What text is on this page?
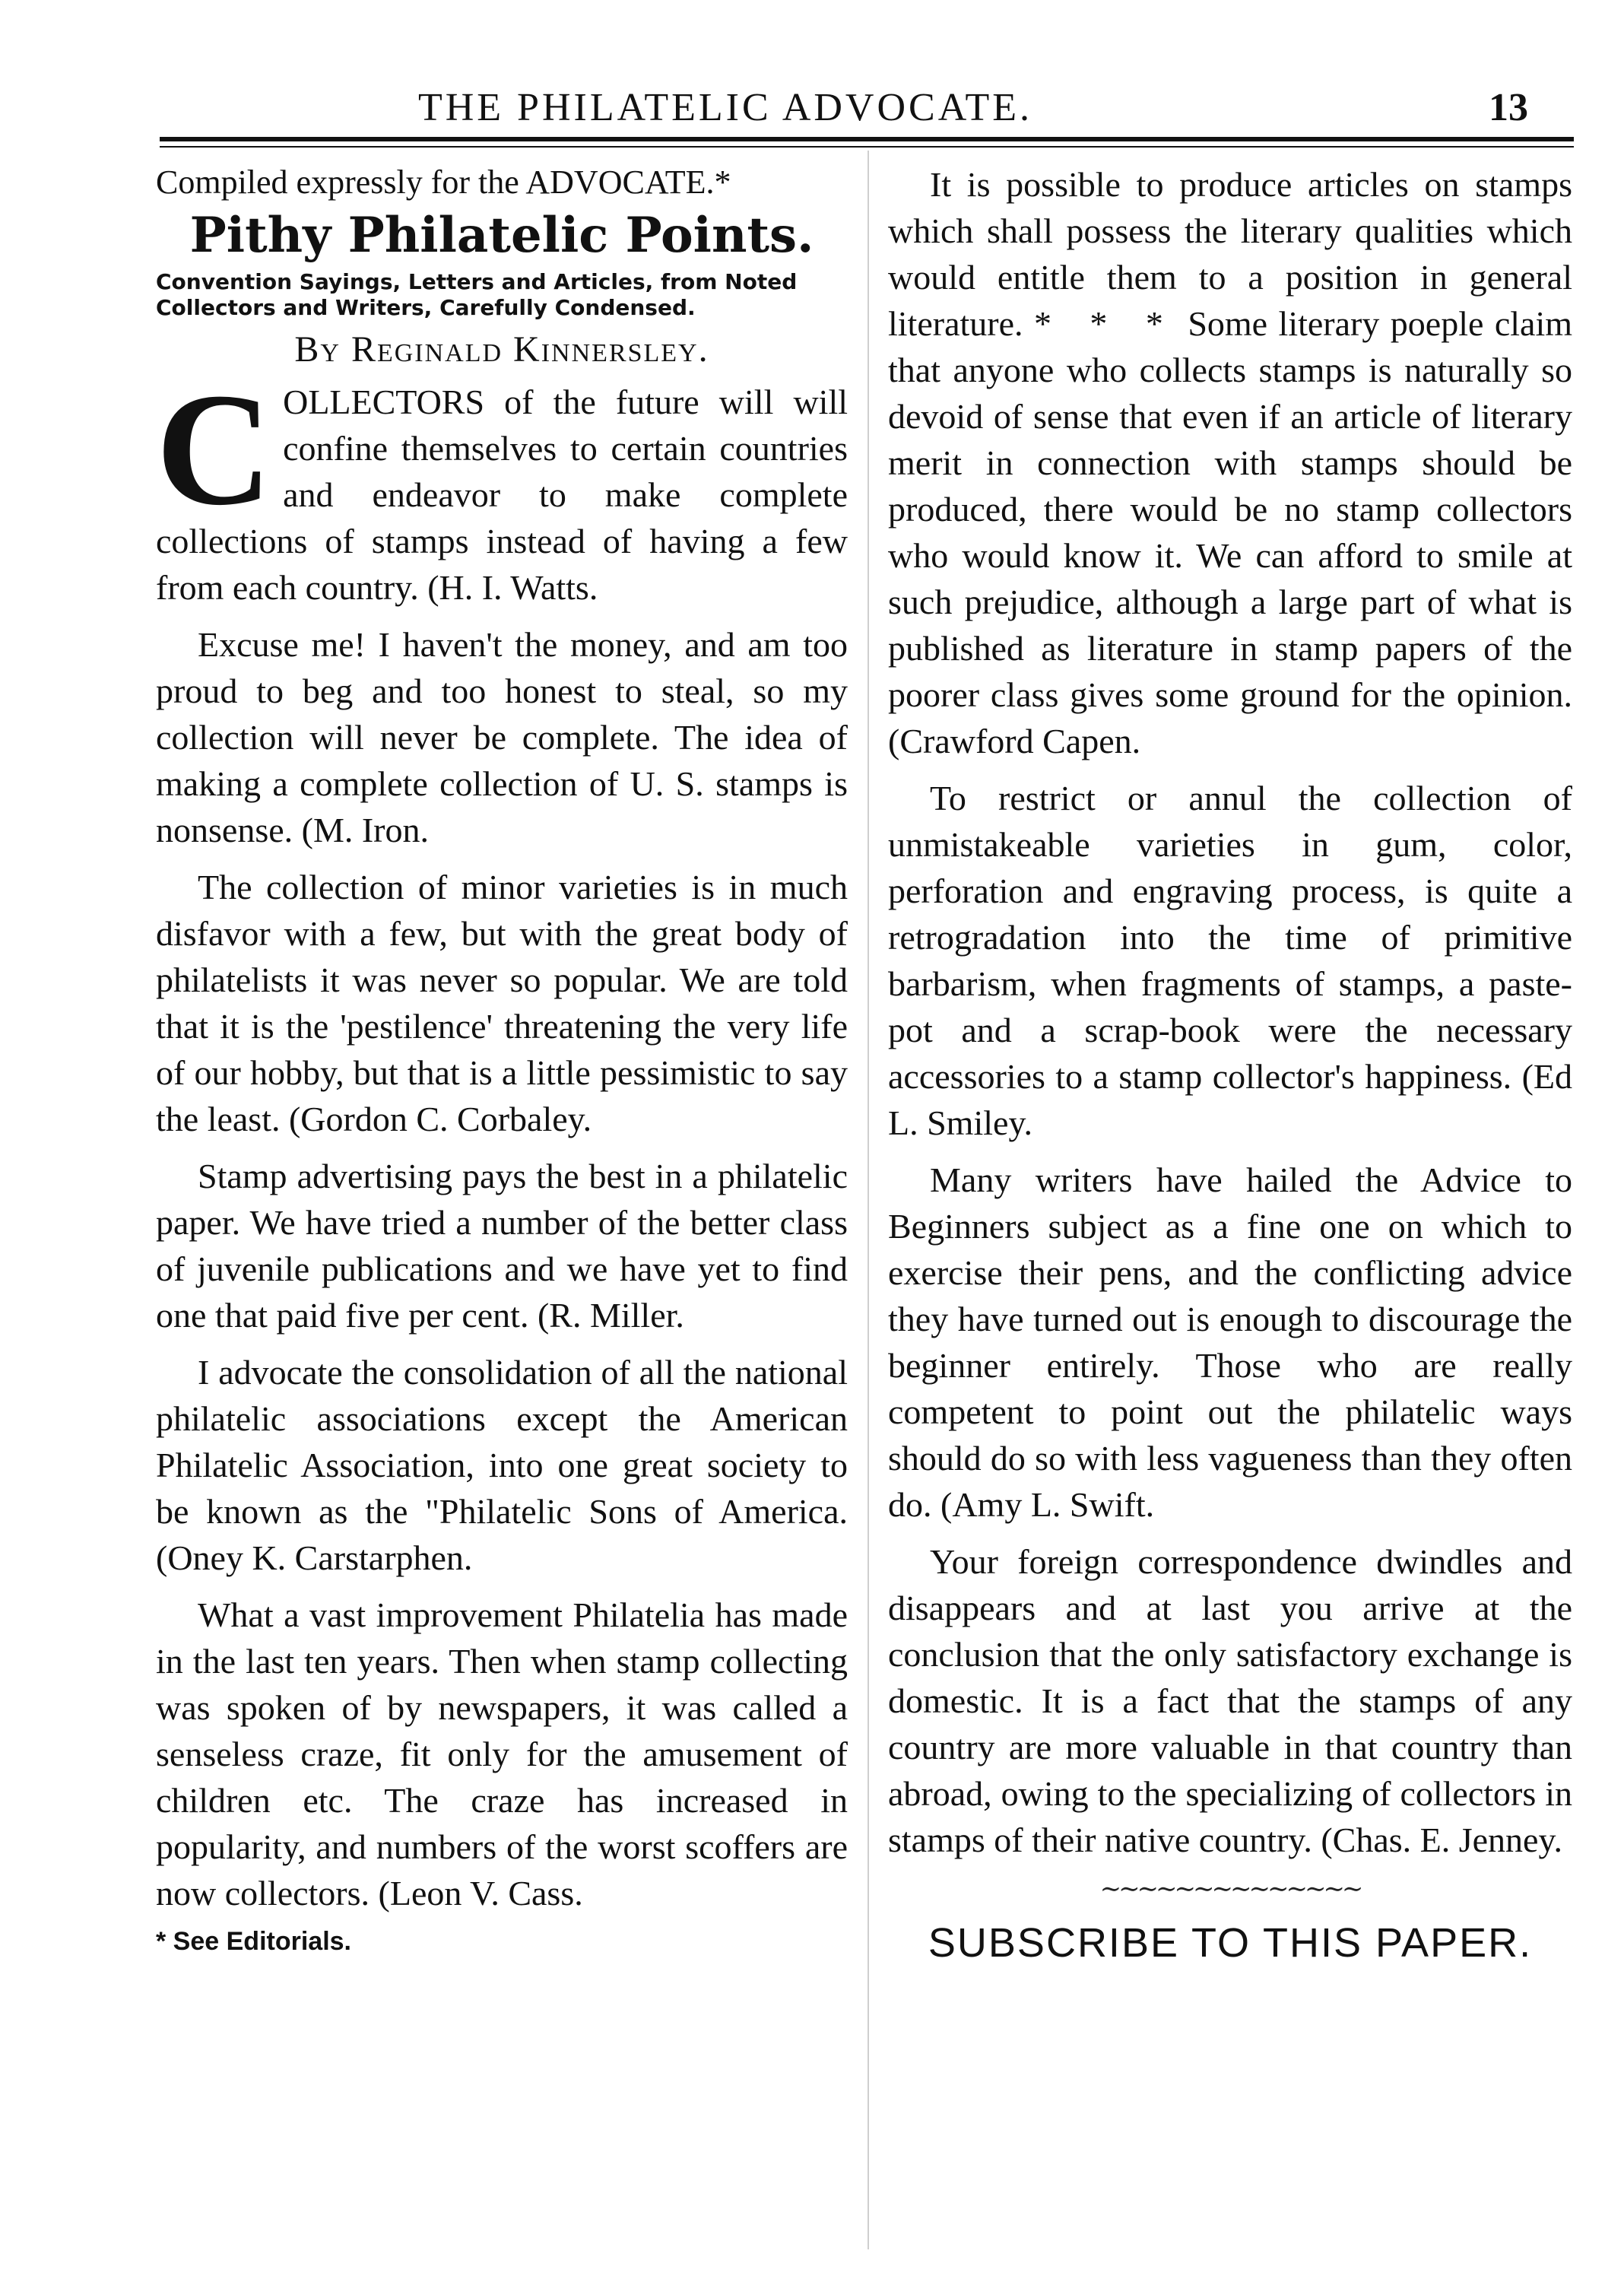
THE PHILATELIC ADVOCATE.	13

Compiled expressly for the ADVOCATE.*

Pithy Philatelic Points.
Convention Sayings, Letters and Articles, from Noted Collectors and Writers, Carefully Condensed.
By Reginald Kinnersley.

COLLECTORS of the future will will confine themselves to certain countries and endeavor to make complete collections of stamps instead of having a few from each country. (H. I. Watts.

Excuse me! I haven't the money, and am too proud to beg and too honest to steal, so my collection will never be complete. The idea of making a complete collection of U. S. stamps is nonsense. (M. Iron.

The collection of minor varieties is in much disfavor with a few, but with the great body of philatelists it was never so popular. We are told that it is the 'pestilence' threatening the very life of our hobby, but that is a little pessimistic to say the least. (Gordon C. Corbaley.

Stamp advertising pays the best in a philatelic paper. We have tried a number of the better class of juvenile publications and we have yet to find one that paid five per cent. (R. Miller.

I advocate the consolidation of all the national philatelic associations except the American Philatelic Association, into one great society to be known as the "Philatelic Sons of America. (Oney K. Carstarphen.

What a vast improvement Philatelia has made in the last ten years. Then when stamp collecting was spoken of by newspapers, it was called a senseless craze, fit only for the amusement of children etc. The craze has increased in popularity, and numbers of the worst scoffers are now collectors. (Leon V. Cass.

* See Editorials.

It is possible to produce articles on stamps which shall possess the literary qualities which would entitle them to a position in general literature. * * * Some literary poeple claim that anyone who collects stamps is naturally so devoid of sense that even if an article of literary merit in connection with stamps should be produced, there would be no stamp collectors who would know it. We can afford to smile at such prejudice, although a large part of what is published as literature in stamp papers of the poorer class gives some ground for the opinion. (Crawford Capen.

To restrict or annul the collection of unmistakeable varieties in gum, color, perforation and engraving process, is quite a retrogradation into the time of primitive barbarism, when fragments of stamps, a paste-pot and a scrap-book were the necessary accessories to a stamp collector's happiness. (Ed L. Smiley.

Many writers have hailed the Advice to Beginners subject as a fine one on which to exercise their pens, and the conflicting advice they have turned out is enough to discourage the beginner entirely. Those who are really competent to point out the philatelic ways should do so with less vagueness than they often do. (Amy L. Swift.

Your foreign correspondence dwindles and disappears and at last you arrive at the conclusion that the only satisfactory exchange is domestic. It is a fact that the stamps of any country are more valuable in that country than abroad, owing to the specializing of collectors in stamps of their native country. (Chas. E. Jenney.

∼∼∼∼∼∼∼∼∼∼∼∼∼∼
SUBSCRIBE TO THIS PAPER.
